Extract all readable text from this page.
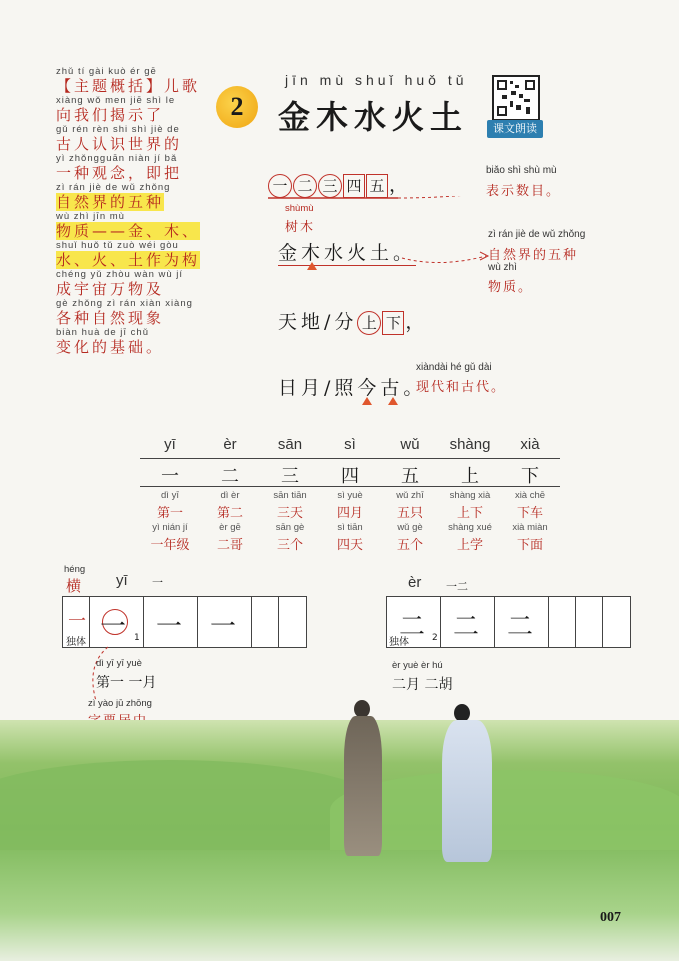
zhǔ tí gài kuò ér gē
【主题概括】儿歌
xiàng wǒ men jiē shì le
向我们揭示了
gǔ rén rèn shi shì jiè de
古人认识世界的
yì zhǒngguān niàn jí bǎ
一种观念，即把
zì rán jiè de wǔ zhǒng
自然界的五种
wù zhì jīn mù
物质——金、木、
shuǐ huǒ tǔ zuò wéi gòu
水、火、土作为构
chéng yǔ zhòu wàn wù jí
成宇宙万物及
gè zhǒng zì rán xiàn xiàng
各种自然现象
biàn huà de jī chǔ
变化的基础。
jīn mù shuǐ huǒ tǔ
2	金木水火土	课文朗读
一 二 三 四 五 ，
biǎo shì shù mù
表示数目。
shùmù
树木
金木水火土。
zì rán jiè de wǔ zhǒng
自然界的五种
wù zhì
物质。
天地/分 上 下 ，
日月/照今古。
xiàndài hé gǔ dài
现代和古代。
yī	èr	sān	sì	wǔ	shàng	xià
一	二	三	四	五	上	下
dì yī	dì èr	sān tiān	sì yuè	wǔ zhī	shàng xià	xià chē
第一	第二	三天	四月	五只	上下	下车
yì nián jí	èr gē	sān gè	sì tiān	wǔ gè	shàng xué	xià miàn
一年级	二哥	三个	四天	五个	上学	下面
héng
横 yī 一
一 一
独体	1 一 一
dì yī yī yuè
第一 一月
zì yào jū zhōng
èr 一二
二
独体	2 二 二
èr yuè èr hú
二月 二胡
007
